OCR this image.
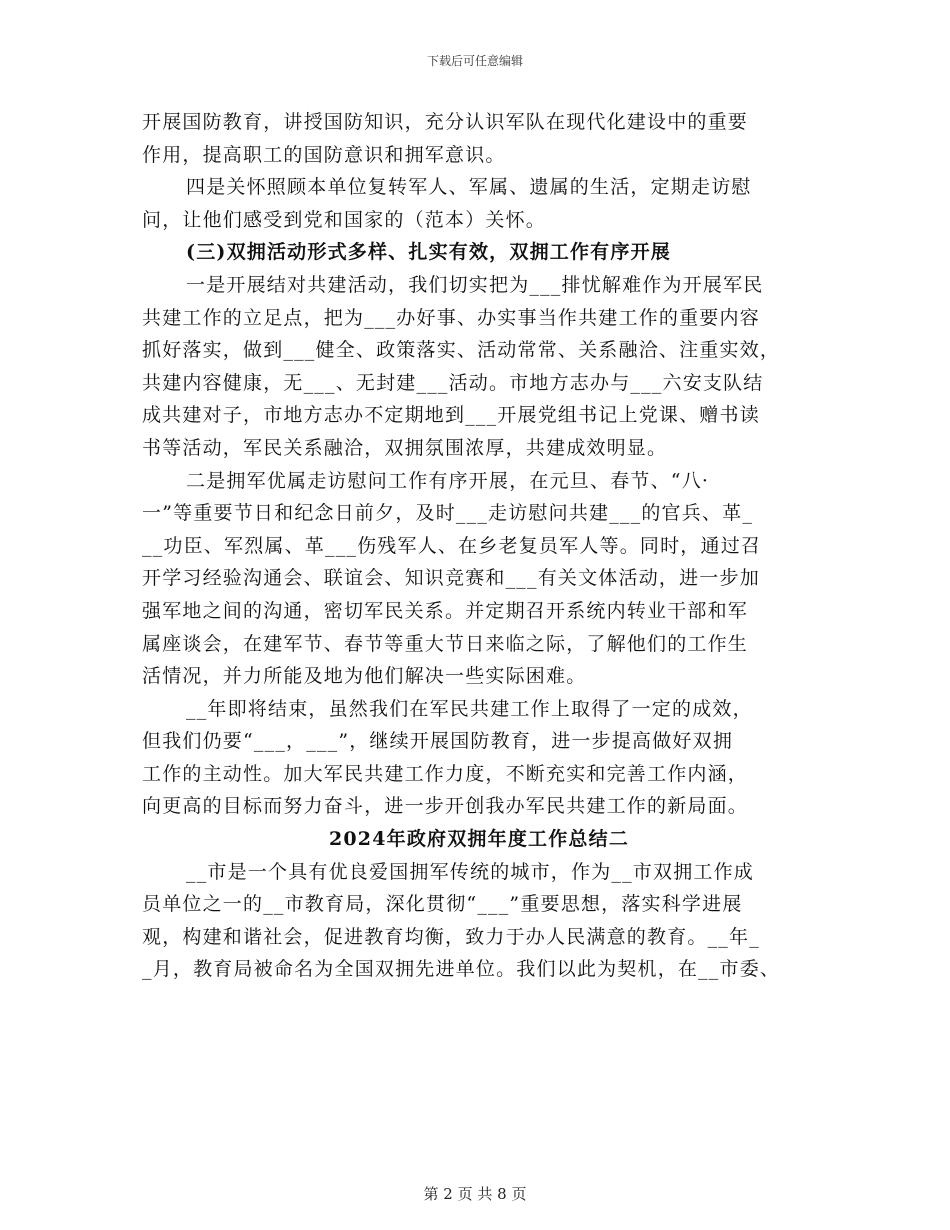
下载后可任意编辑
开展国防教育，讲授国防知识，充分认识军队在现代化建设中的重要
作用，提高职工的国防意识和拥军意识。
四是关怀照顾本单位复转军人、军属、遗属的生活，定期走访慰
问，让他们感受到党和国家的（范本）关怀。
(三)双拥活动形式多样、扎实有效，双拥工作有序开展
一是开展结对共建活动，我们切实把为___排忧解难作为开展军民
共建工作的立足点，把为___办好事、办实事当作共建工作的重要内容
抓好落实，做到___健全、政策落实、活动常常、关系融洽、注重实效，
共建内容健康，无___、无封建___活动。市地方志办与___六安支队结
成共建对子，市地方志办不定期地到___开展党组书记上党课、赠书读
书等活动，军民关系融洽，双拥氛围浓厚，共建成效明显。
二是拥军优属走访慰问工作有序开展，在元旦、春节、“八·
一”等重要节日和纪念日前夕，及时___走访慰问共建___的官兵、革_
__功臣、军烈属、革___伤残军人、在乡老复员军人等。同时，通过召
开学习经验沟通会、联谊会、知识竞赛和___有关文体活动，进一步加
强军地之间的沟通，密切军民关系。并定期召开系统内转业干部和军
属座谈会，在建军节、春节等重大节日来临之际，了解他们的工作生
活情况，并力所能及地为他们解决一些实际困难。
__年即将结束，虽然我们在军民共建工作上取得了一定的成效，
但我们仍要“___，___”，继续开展国防教育，进一步提高做好双拥
工作的主动性。加大军民共建工作力度，不断充实和完善工作内涵，
向更高的目标而努力奋斗，进一步开创我办军民共建工作的新局面。
2024年政府双拥年度工作总结二
__市是一个具有优良爱国拥军传统的城市，作为__市双拥工作成
员单位之一的__市教育局，深化贯彻“___”重要思想，落实科学进展
观，构建和谐社会，促进教育均衡，致力于办人民满意的教育。__年_
_月，教育局被命名为全国双拥先进单位。我们以此为契机，在__市委、
第 2 页 共 8 页
